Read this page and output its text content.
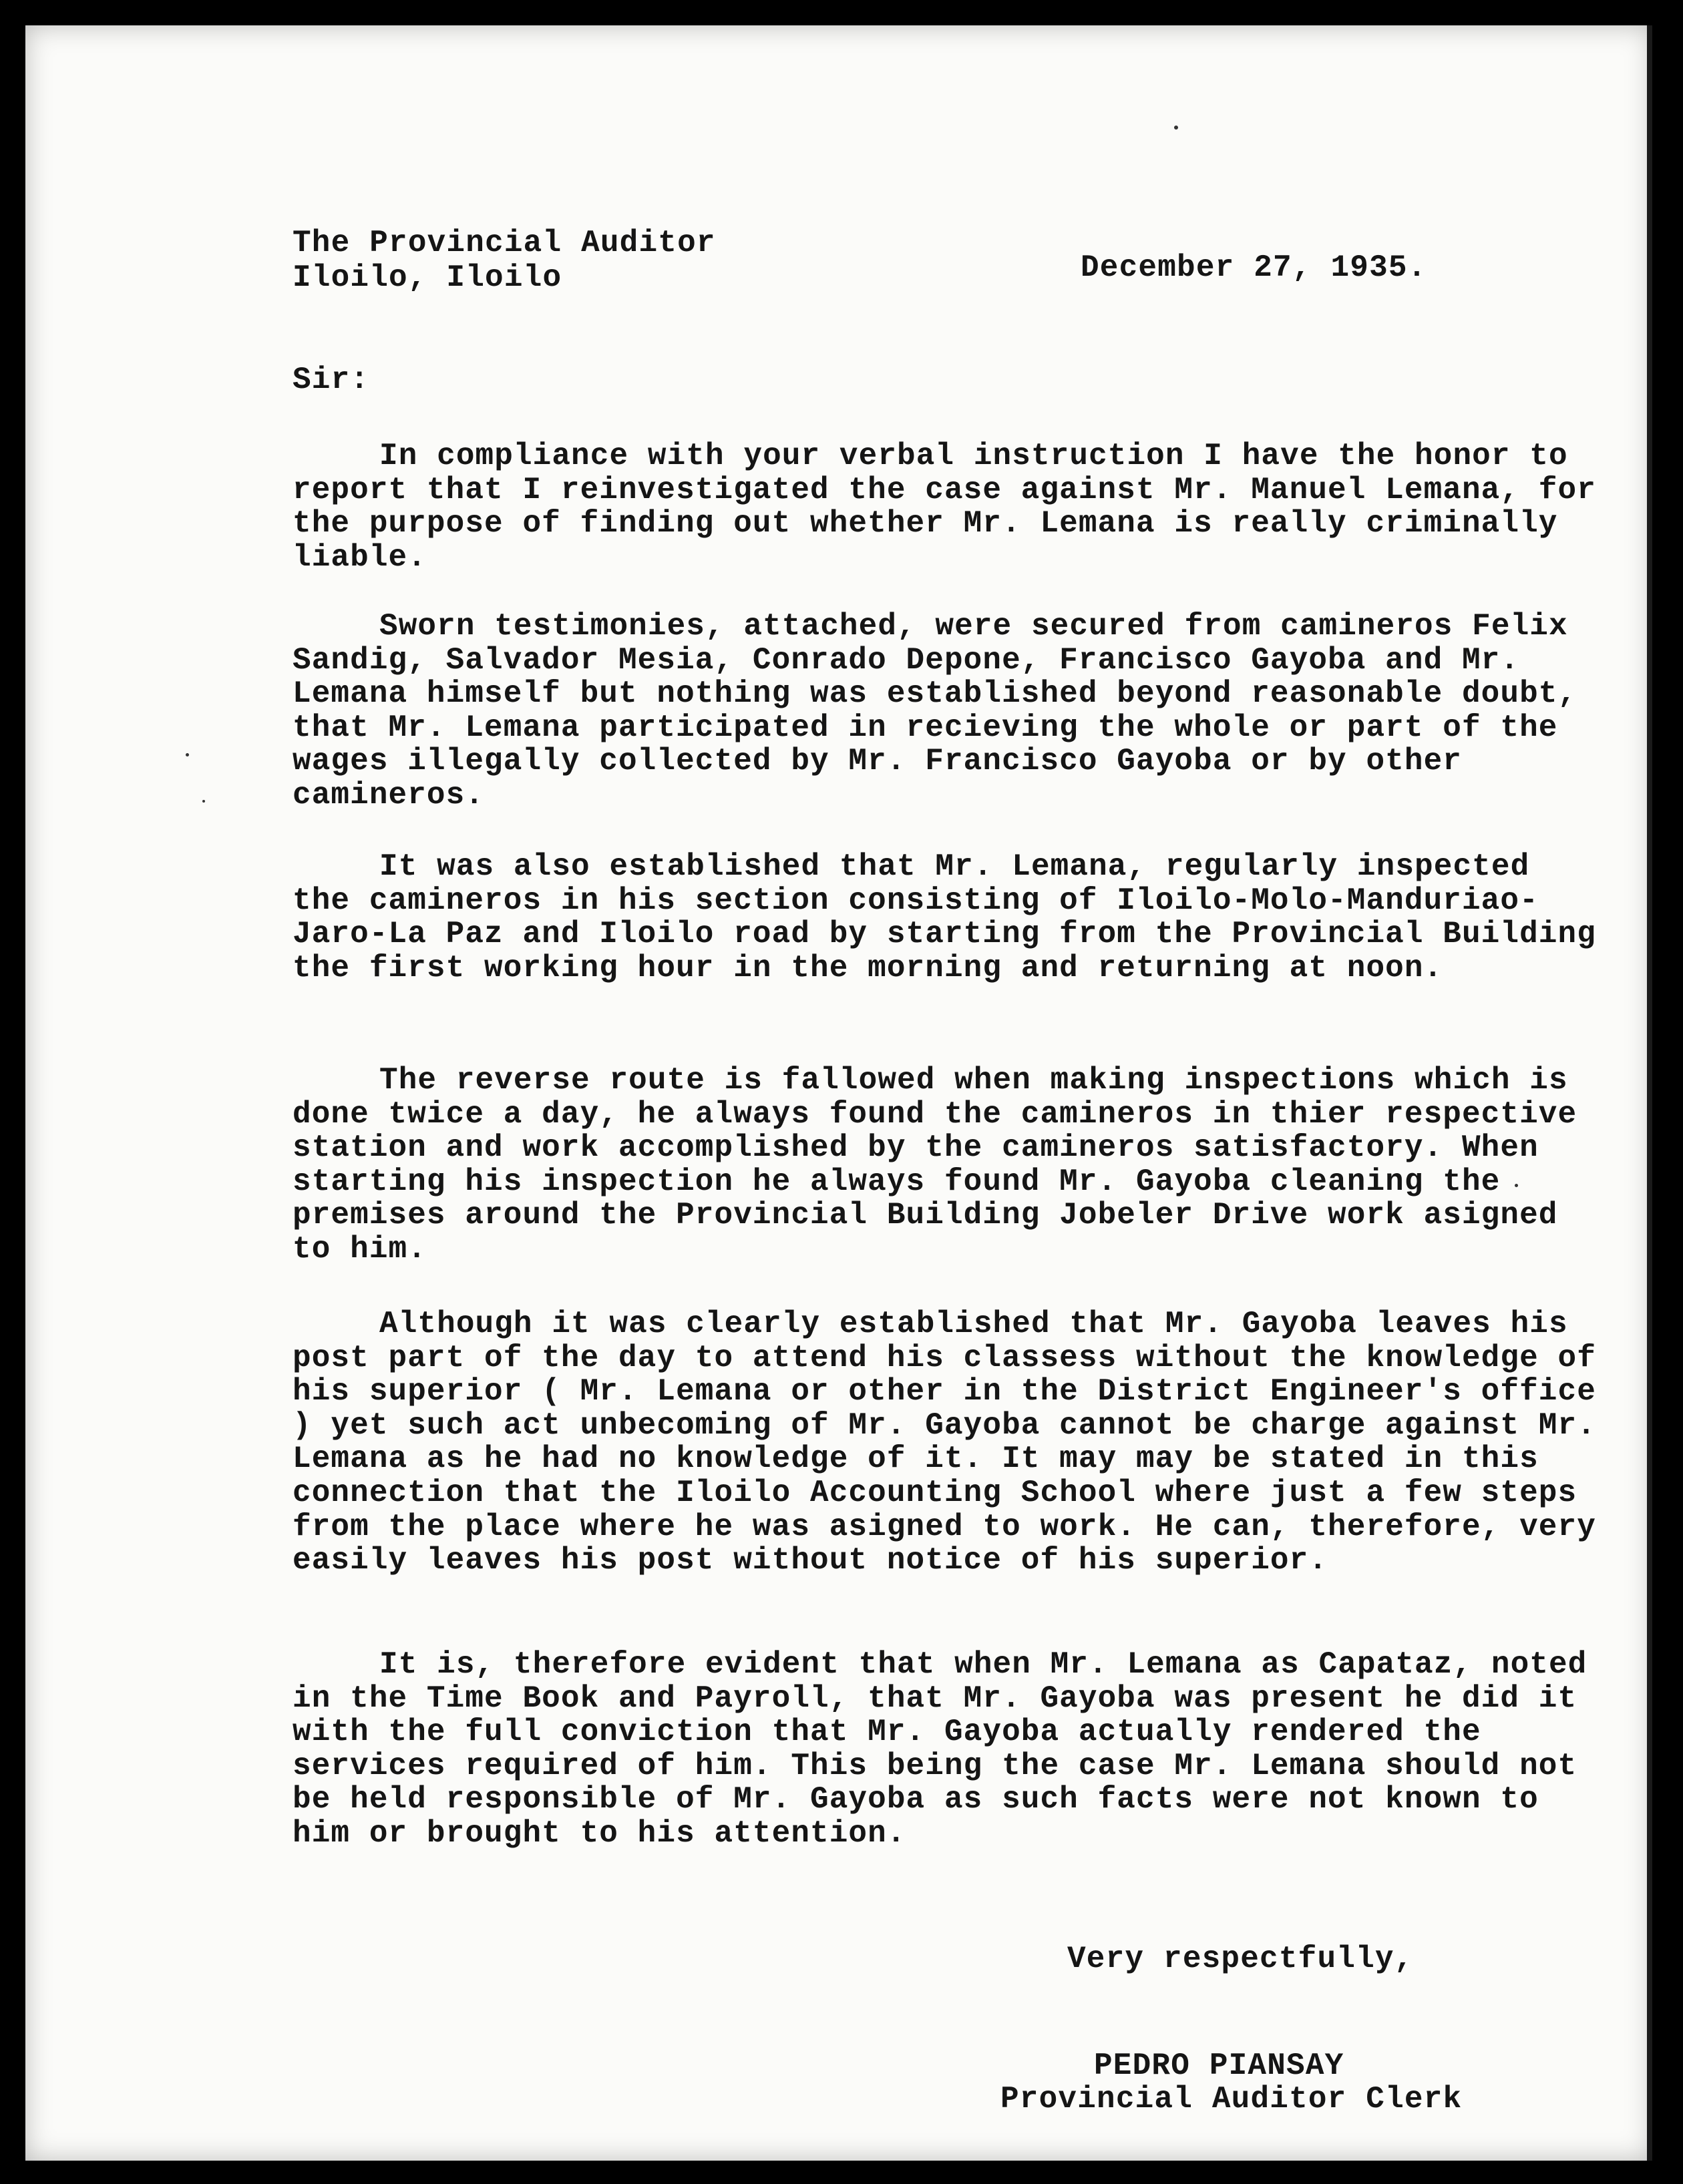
The Provincial Auditor
Iloilo, Iloilo	December 27, 1935.
Sir:
In compliance with your verbal instruction I have the honor to report that I reinvestigated the case against Mr. Manuel Lemana, for the purpose of finding out whether Mr. Lemana is really criminally liable.
Sworn testimonies, attached, were secured from camineros Felix Sandig, Salvador Mesia, Conrado Depone, Francisco Gayoba and Mr. Lemana himself but nothing was established beyond reasonable doubt, that Mr. Lemana participated in recieving the whole or part of the wages illegally collected by Mr. Francisco Gayoba or by other camineros.
It was also established that Mr. Lemana, regularly inspected the camineros in his section consisting of Iloilo-Molo-Manduriao-Jaro-La Paz and Iloilo road by starting from the Provincial Building the first working hour in the morning and returning at noon.
The reverse route is fallowed when making inspections which is done twice a day, he always found the camineros in thier respective station and work accomplished by the camineros satisfactory. When starting his inspection he always found Mr. Gayoba cleaning the premises around the Provincial Building Jobeler Drive work asigned to him.
Although it was clearly established that Mr. Gayoba leaves his post part of the day to attend his classess without the knowledge of his superior ( Mr. Lemana or other in the District Engineer's office ) yet such act unbecoming of Mr. Gayoba cannot be charge against Mr. Lemana as he had no knowledge of it. It may may be stated in this connection that the Iloilo Accounting School where just a few steps from the place where he was asigned to work. He can, therefore, very easily leaves his post without notice of his superior.
It is, therefore evident that when Mr. Lemana as Capataz, noted in the Time Book and Payroll, that Mr. Gayoba was present he did it with the full conviction that Mr. Gayoba actually rendered the services required of him. This being the case Mr. Lemana should not be held responsible of Mr. Gayoba as such facts were not known to him or brought to his attention.
Very respectfully,
PEDRO PIANSAY
Provincial Auditor Clerk
